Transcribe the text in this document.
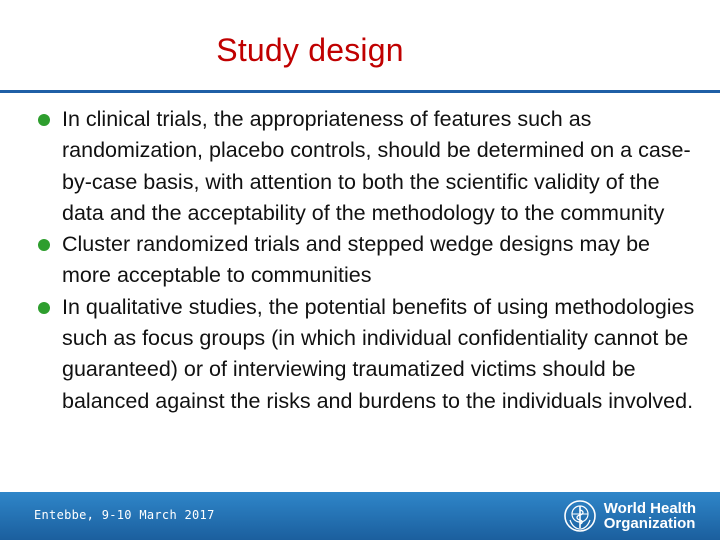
Study design
In clinical trials, the appropriateness of features such as randomization, placebo controls, should be determined on a case-by-case basis, with attention to both the scientific validity of the data and the acceptability of the methodology to the community
Cluster randomized trials and stepped wedge designs may be more acceptable to communities
In qualitative studies, the potential benefits of using methodologies such as focus groups (in which individual confidentiality cannot be guaranteed) or of interviewing traumatized victims should be balanced against the risks and burdens to the individuals involved.
Entebbe, 9-10 March 2017	World Health
Organization
